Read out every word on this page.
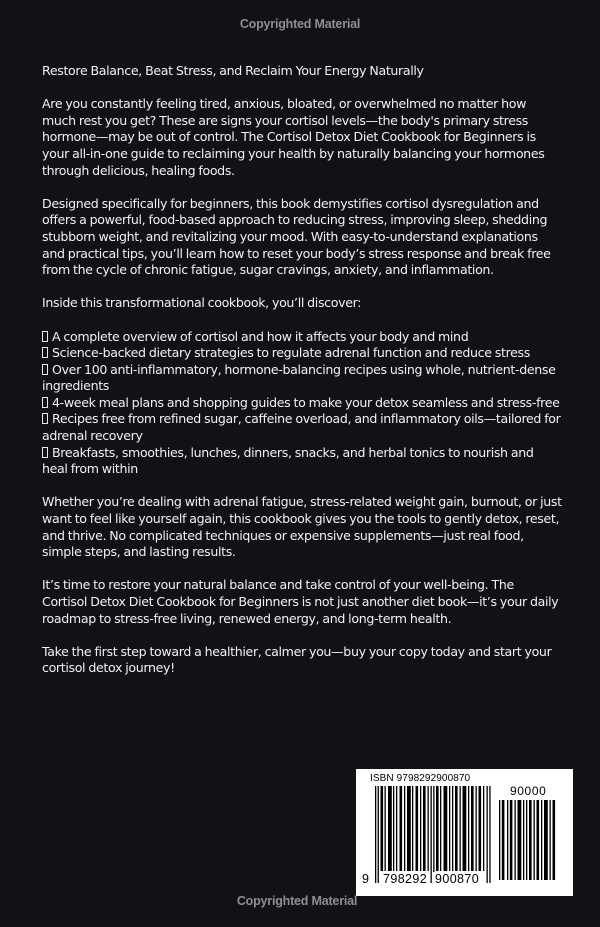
Copyrighted Material

Restore Balance, Beat Stress, and Reclaim Your Energy Naturally

Are you constantly feeling tired, anxious, bloated, or overwhelmed no matter how much rest you get? These are signs your cortisol levels—the body's primary stress hormone—may be out of control. The Cortisol Detox Diet Cookbook for Beginners is your all-in-one guide to reclaiming your health by naturally balancing your hormones through delicious, healing foods.

Designed specifically for beginners, this book demystifies cortisol dysregulation and offers a powerful, food-based approach to reducing stress, improving sleep, shedding stubborn weight, and revitalizing your mood. With easy-to-understand explanations and practical tips, you’ll learn how to reset your body’s stress response and break free from the cycle of chronic fatigue, sugar cravings, anxiety, and inflammation.

Inside this transformational cookbook, you’ll discover:

A complete overview of cortisol and how it affects your body and mind
Science-backed dietary strategies to regulate adrenal function and reduce stress
Over 100 anti-inflammatory, hormone-balancing recipes using whole, nutrient-dense ingredients
4-week meal plans and shopping guides to make your detox seamless and stress-free
Recipes free from refined sugar, caffeine overload, and inflammatory oils—tailored for adrenal recovery
Breakfasts, smoothies, lunches, dinners, snacks, and herbal tonics to nourish and heal from within

Whether you’re dealing with adrenal fatigue, stress-related weight gain, burnout, or just want to feel like yourself again, this cookbook gives you the tools to gently detox, reset, and thrive. No complicated techniques or expensive supplements—just real food, simple steps, and lasting results.

It’s time to restore your natural balance and take control of your well-being. The Cortisol Detox Diet Cookbook for Beginners is not just another diet book—it’s your daily roadmap to stress-free living, renewed energy, and long-term health.

Take the first step toward a healthier, calmer you—buy your copy today and start your cortisol detox journey!

ISBN 9798292900870
90000
9 798292 900870
Copyrighted Material
